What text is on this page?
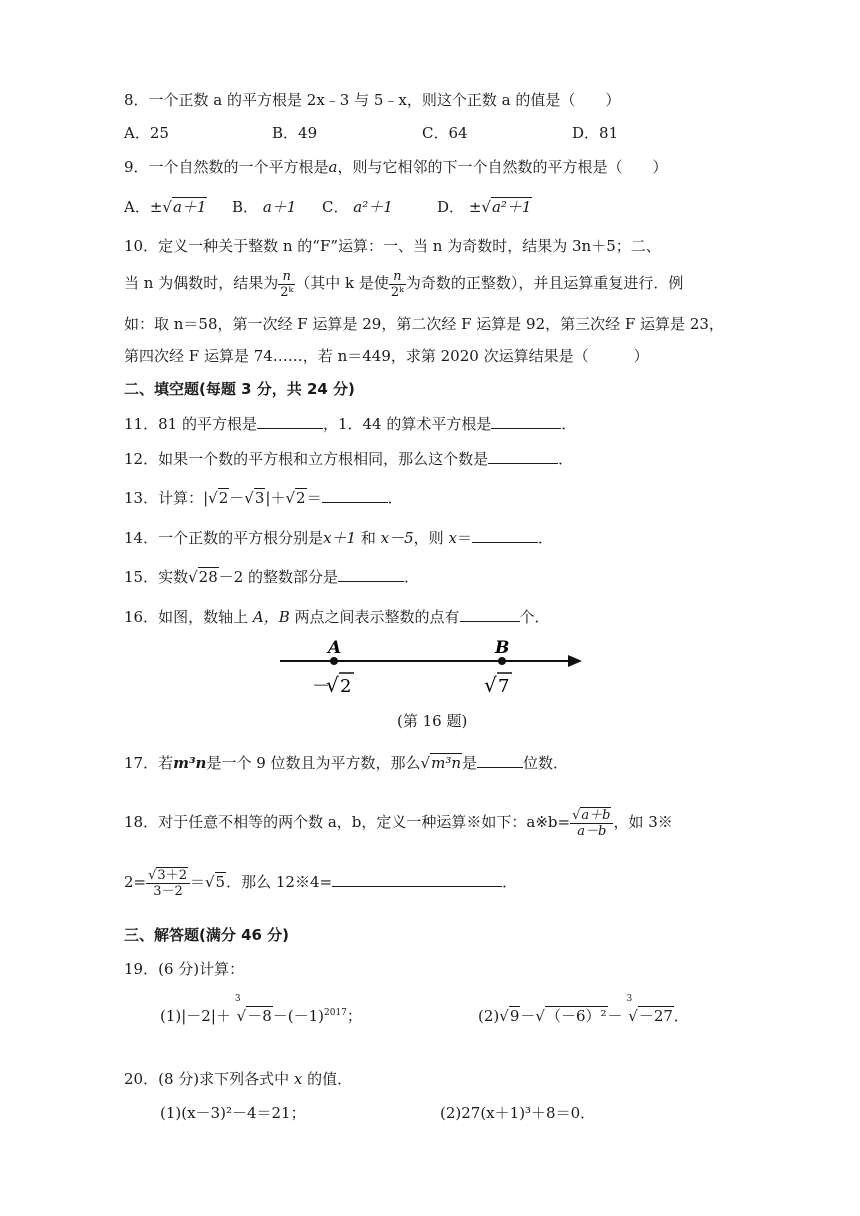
8．一个正数 a 的平方根是 2x﹣3 与 5﹣x，则这个正数 a 的值是（　　）
A．25	B．49	C．64	D．81
9．一个自然数的一个平方根是a，则与它相邻的下一个自然数的平方根是（　　）
A．±√a＋1 B． a＋1 C． a²＋1	D． ±√a²＋1
10．定义一种关于整数 n 的“F”运算：一、当 n 为奇数时，结果为 3n＋5；二、
当 n 为偶数时，结果为 $\frac{n}{\text{2ᵏ}}$ （其中 k 是使 $\frac{n}{\text{2ᵏ}}$ 为奇数的正整数），并且运算重复进行．例
如：取 n＝58，第一次经 F 运算是 29，第二次经 F 运算是 92，第三次经 F 运算是 23，
第四次经 F 运算是 74……，若 n＝449，求第 2020 次运算结果是（　　　）
二、填空题(每题 3 分，共 24 分)
11．81 的平方根是	，1．44 的算术平方根是	．
12．如果一个数的平方根和立方根相同，那么这个数是	．
13．计算：|√2－√3|＋√2＝	．
14．一个正数的平方根分别是x＋1 和 x－5，则 x＝	．
15．实数√28－2 的整数部分是	．
16．如图，数轴上 A，B 两点之间表示整数的点有	个．
A	B
－
√ 2	√ 7
(第 16 题)
17．若m³n是一个 9 位数且为平方数，那么√m³n是	位数．
18．对于任意不相等的两个数 a，b，定义一种运算※如下：a※b= $\frac{√a+b}{a-b}$ ，如 3※
$2= \frac{√3+2}{3-2} =√5$．那么 12※4=	．
三、解答题(满分 46 分)
19．(6 分)计算：
$(1)|-2|+^3√-8-(-1)^{2017}$；	(2)√9－√（－6）²－$^3$√－27．
20．(8 分)求下列各式中 x 的值．
(1)(x－3)²－4＝21；	(2)27(x＋1)³＋8＝0．
